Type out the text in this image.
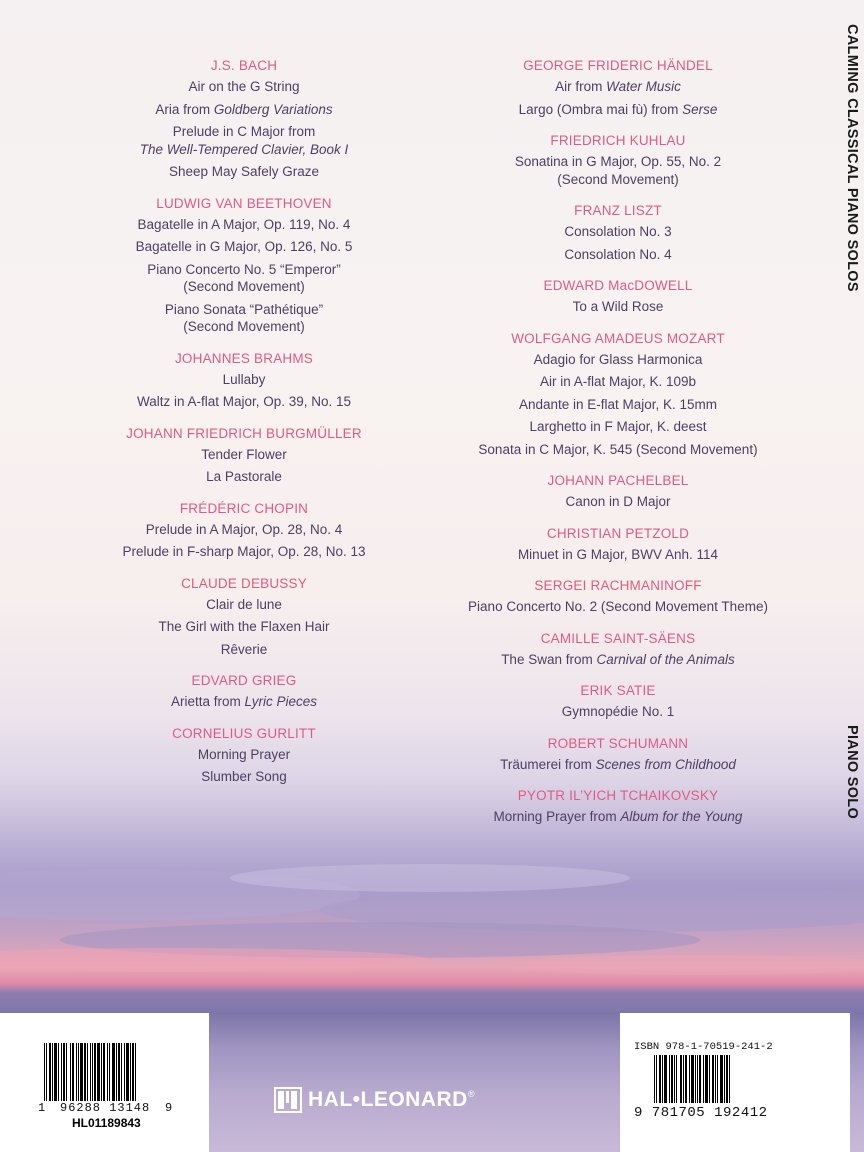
J.S. BACH
Air on the G String
Aria from Goldberg Variations
Prelude in C Major from
The Well-Tempered Clavier, Book I
Sheep May Safely Graze
LUDWIG VAN BEETHOVEN
Bagatelle in A Major, Op. 119, No. 4
Bagatelle in G Major, Op. 126, No. 5
Piano Concerto No. 5 “Emperor”
(Second Movement)
Piano Sonata “Pathétique”
(Second Movement)
JOHANNES BRAHMS
Lullaby
Waltz in A-flat Major, Op. 39, No. 15
JOHANN FRIEDRICH BURGMÜLLER
Tender Flower
La Pastorale
FRÉDÉRIC CHOPIN
Prelude in A Major, Op. 28, No. 4
Prelude in F-sharp Major, Op. 28, No. 13
CLAUDE DEBUSSY
Clair de lune
The Girl with the Flaxen Hair
Rêverie
EDVARD GRIEG
Arietta from Lyric Pieces
CORNELIUS GURLITT
Morning Prayer
Slumber Song
GEORGE FRIDERIC HÄNDEL
Air from Water Music
Largo (Ombra mai fù) from Serse
FRIEDRICH KUHLAU
Sonatina in G Major, Op. 55, No. 2
(Second Movement)
FRANZ LISZT
Consolation No. 3
Consolation No. 4
EDWARD MacDOWELL
To a Wild Rose
WOLFGANG AMADEUS MOZART
Adagio for Glass Harmonica
Air in A-flat Major, K. 109b
Andante in E-flat Major, K. 15mm
Larghetto in F Major, K. deest
Sonata in C Major, K. 545 (Second Movement)
JOHANN PACHELBEL
Canon in D Major
CHRISTIAN PETZOLD
Minuet in G Major, BWV Anh. 114
SERGEI RACHMANINOFF
Piano Concerto No. 2 (Second Movement Theme)
CAMILLE SAINT-SÄENS
The Swan from Carnival of the Animals
ERIK SATIE
Gymnopédie No. 1
ROBERT SCHUMANN
Träumerei from Scenes from Childhood
PYOTR IL’YICH TCHAIKOVSKY
Morning Prayer from Album for the Young
CALMING CLASSICAL PIANO SOLOS
PIANO SOLO
1 96288 13148 9
HL01189843
ISBN 978-1-70519-241-2
9 781705 192412
HAL•LEONARD ®
